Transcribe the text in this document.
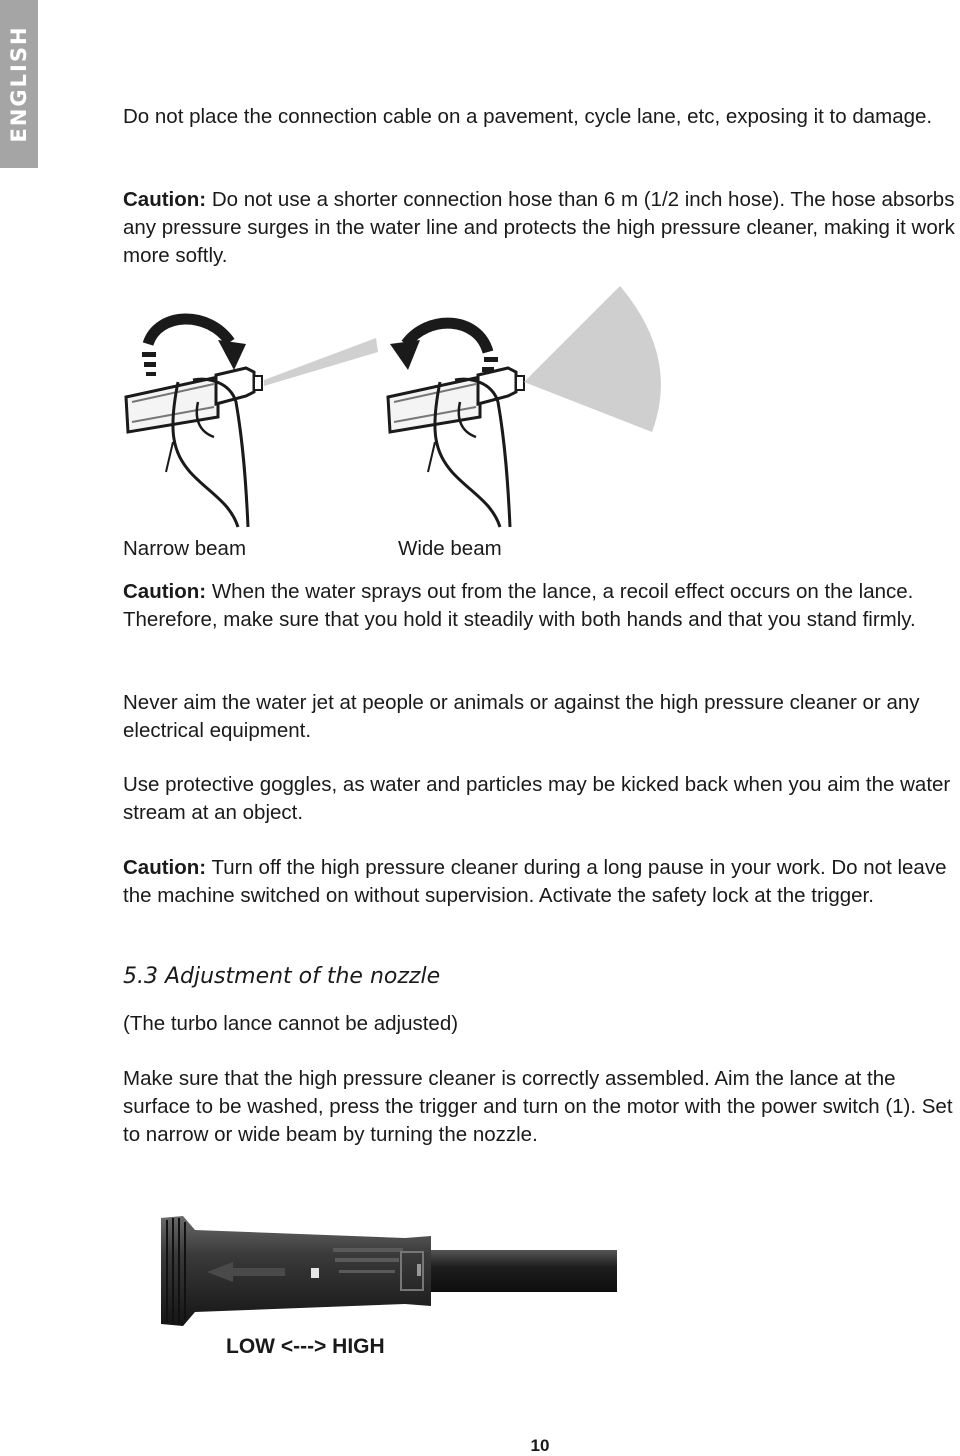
ENGLISH	Do not place the connection cable on a pavement, cycle lane, etc, exposing it to damage.

Caution: Do not use a shorter connection hose than 6 m (1/2 inch hose). The hose absorbs any pressure surges in the water line and protects the high pressure cleaner, making it work more softly.

Narrow beam	Wide beam

Caution: When the water sprays out from the lance, a recoil effect occurs on the lance. Therefore, make sure that you hold it steadily with both hands and that you stand firmly.

Never aim the water jet at people or animals or against the high pressure cleaner or any electrical equipment.

Use protective goggles, as water and particles may be kicked back when you aim the water stream at an object.

Caution: Turn off the high pressure cleaner during a long pause in your work. Do not leave the machine switched on without supervision. Activate the safety lock at the trigger.

5.3 Adjustment of the nozzle

(The turbo lance cannot be adjusted)

Make sure that the high pressure cleaner is correctly assembled. Aim the lance at the surface to be washed, press the trigger and turn on the motor with the power switch (1). Set to narrow or wide beam by turning the nozzle.

LOW <---> HIGH
10
